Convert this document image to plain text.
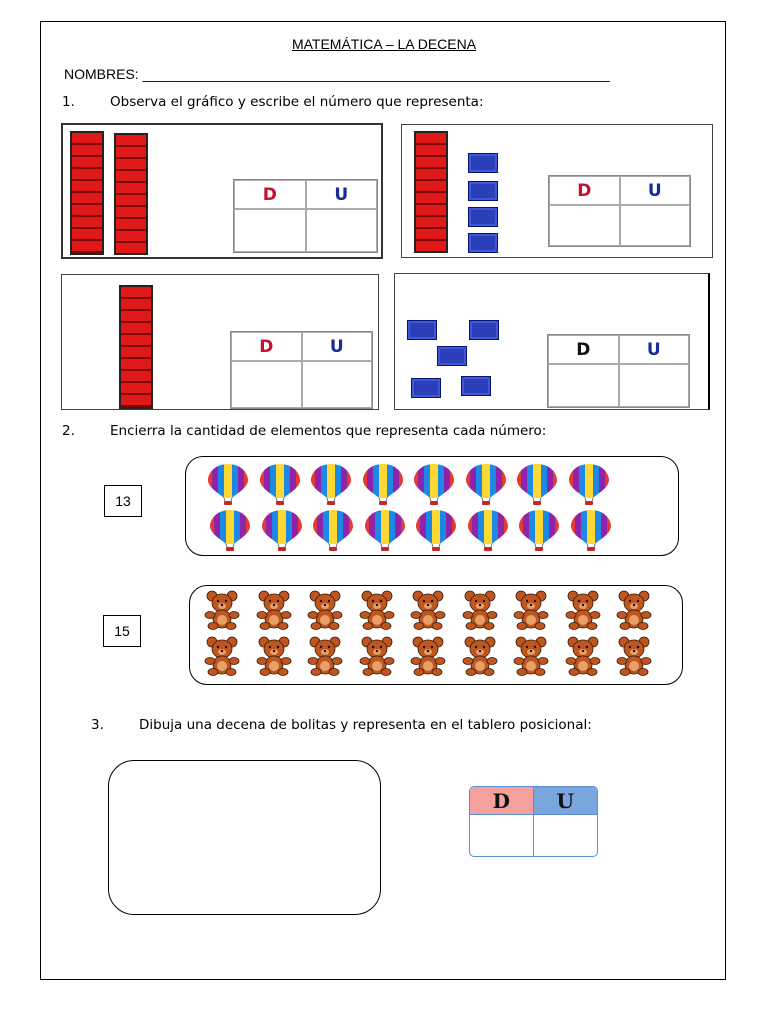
MATEMÁTICA – LA DECENA
NOMBRES: ____________________________________________________________
1.	Observa el gráfico y escribe el número que representa:
D	U	D	U
D	U	D	U
2.	Encierra la cantidad de elementos que representa cada número:
13
15
3.	Dibuja una decena de bolitas y representa en el tablero posicional:
D	U
